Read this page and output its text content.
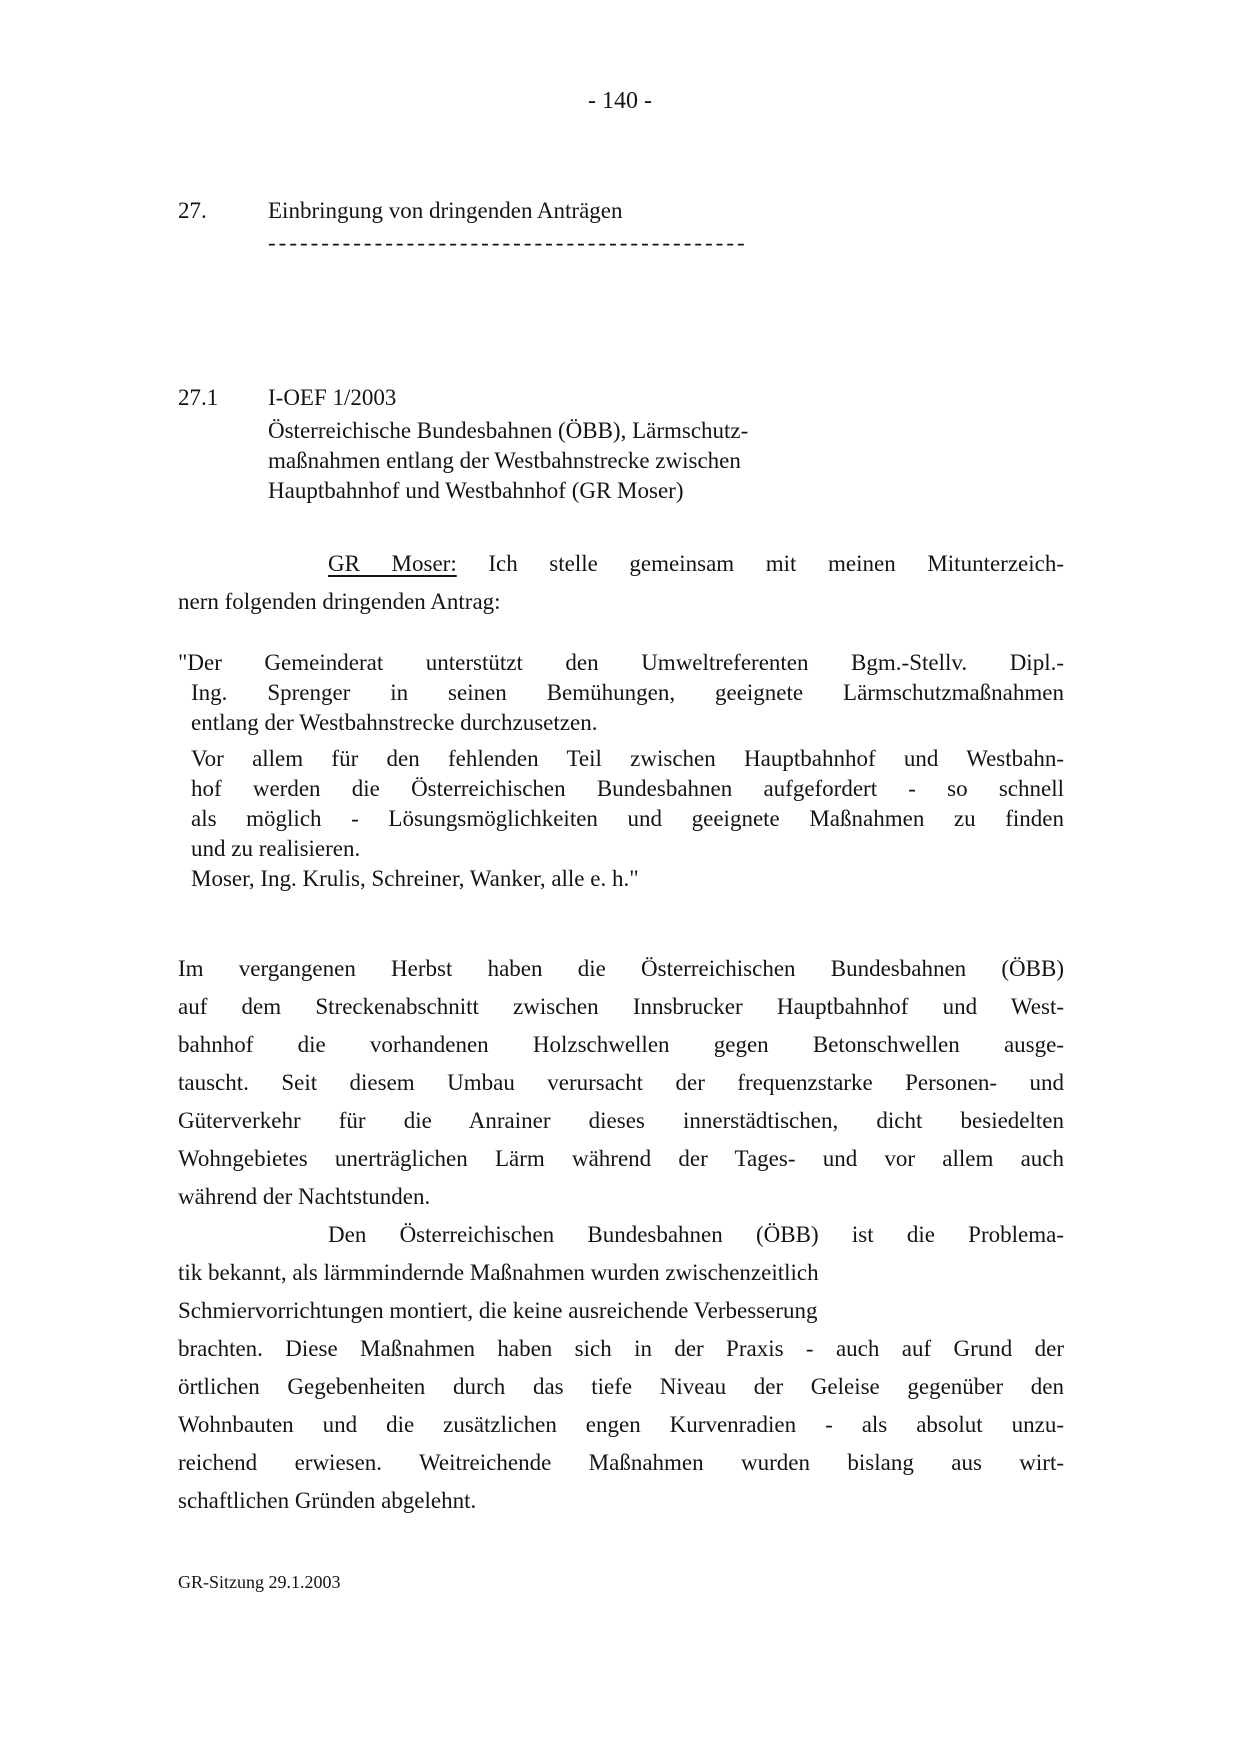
- 140 -
27.	Einbringung von dringenden Anträgen
---------------------------------------------
27.1 I-OEF 1/2003
Österreichische Bundesbahnen (ÖBB), Lärmschutz-
maßnahmen entlang der Westbahnstrecke zwischen
Hauptbahnhof und Westbahnhof (GR Moser)
GR Moser: Ich stelle gemeinsam mit meinen Mitunterzeich-
nern folgenden dringenden Antrag:
"Der Gemeinderat unterstützt den Umweltreferenten Bgm.-Stellv. Dipl.-
Ing. Sprenger in seinen Bemühungen, geeignete Lärmschutzmaßnahmen
entlang der Westbahnstrecke durchzusetzen.
Vor allem für den fehlenden Teil zwischen Hauptbahnhof und Westbahn-
hof werden die Österreichischen Bundesbahnen aufgefordert - so schnell
als möglich - Lösungsmöglichkeiten und geeignete Maßnahmen zu finden
und zu realisieren.
Moser, Ing. Krulis, Schreiner, Wanker, alle e. h."
Im vergangenen Herbst haben die Österreichischen Bundesbahnen (ÖBB)
auf dem Streckenabschnitt zwischen Innsbrucker Hauptbahnhof und West-
bahnhof die vorhandenen Holzschwellen gegen Betonschwellen ausge-
tauscht. Seit diesem Umbau verursacht der frequenzstarke Personen- und
Güterverkehr für die Anrainer dieses innerstädtischen, dicht besiedelten
Wohngebietes unerträglichen Lärm während der Tages- und vor allem auch
während der Nachtstunden.
Den Österreichischen Bundesbahnen (ÖBB) ist die Problema-
tik bekannt, als lärmmindernde Maßnahmen wurden zwischenzeitlich
Schmiervorrichtungen montiert, die keine ausreichende Verbesserung
brachten. Diese Maßnahmen haben sich in der Praxis - auch auf Grund der
örtlichen Gegebenheiten durch das tiefe Niveau der Geleise gegenüber den
Wohnbauten und die zusätzlichen engen Kurvenradien - als absolut unzu-
reichend erwiesen. Weitreichende Maßnahmen wurden bislang aus wirt-
schaftlichen Gründen abgelehnt.
GR-Sitzung 29.1.2003
